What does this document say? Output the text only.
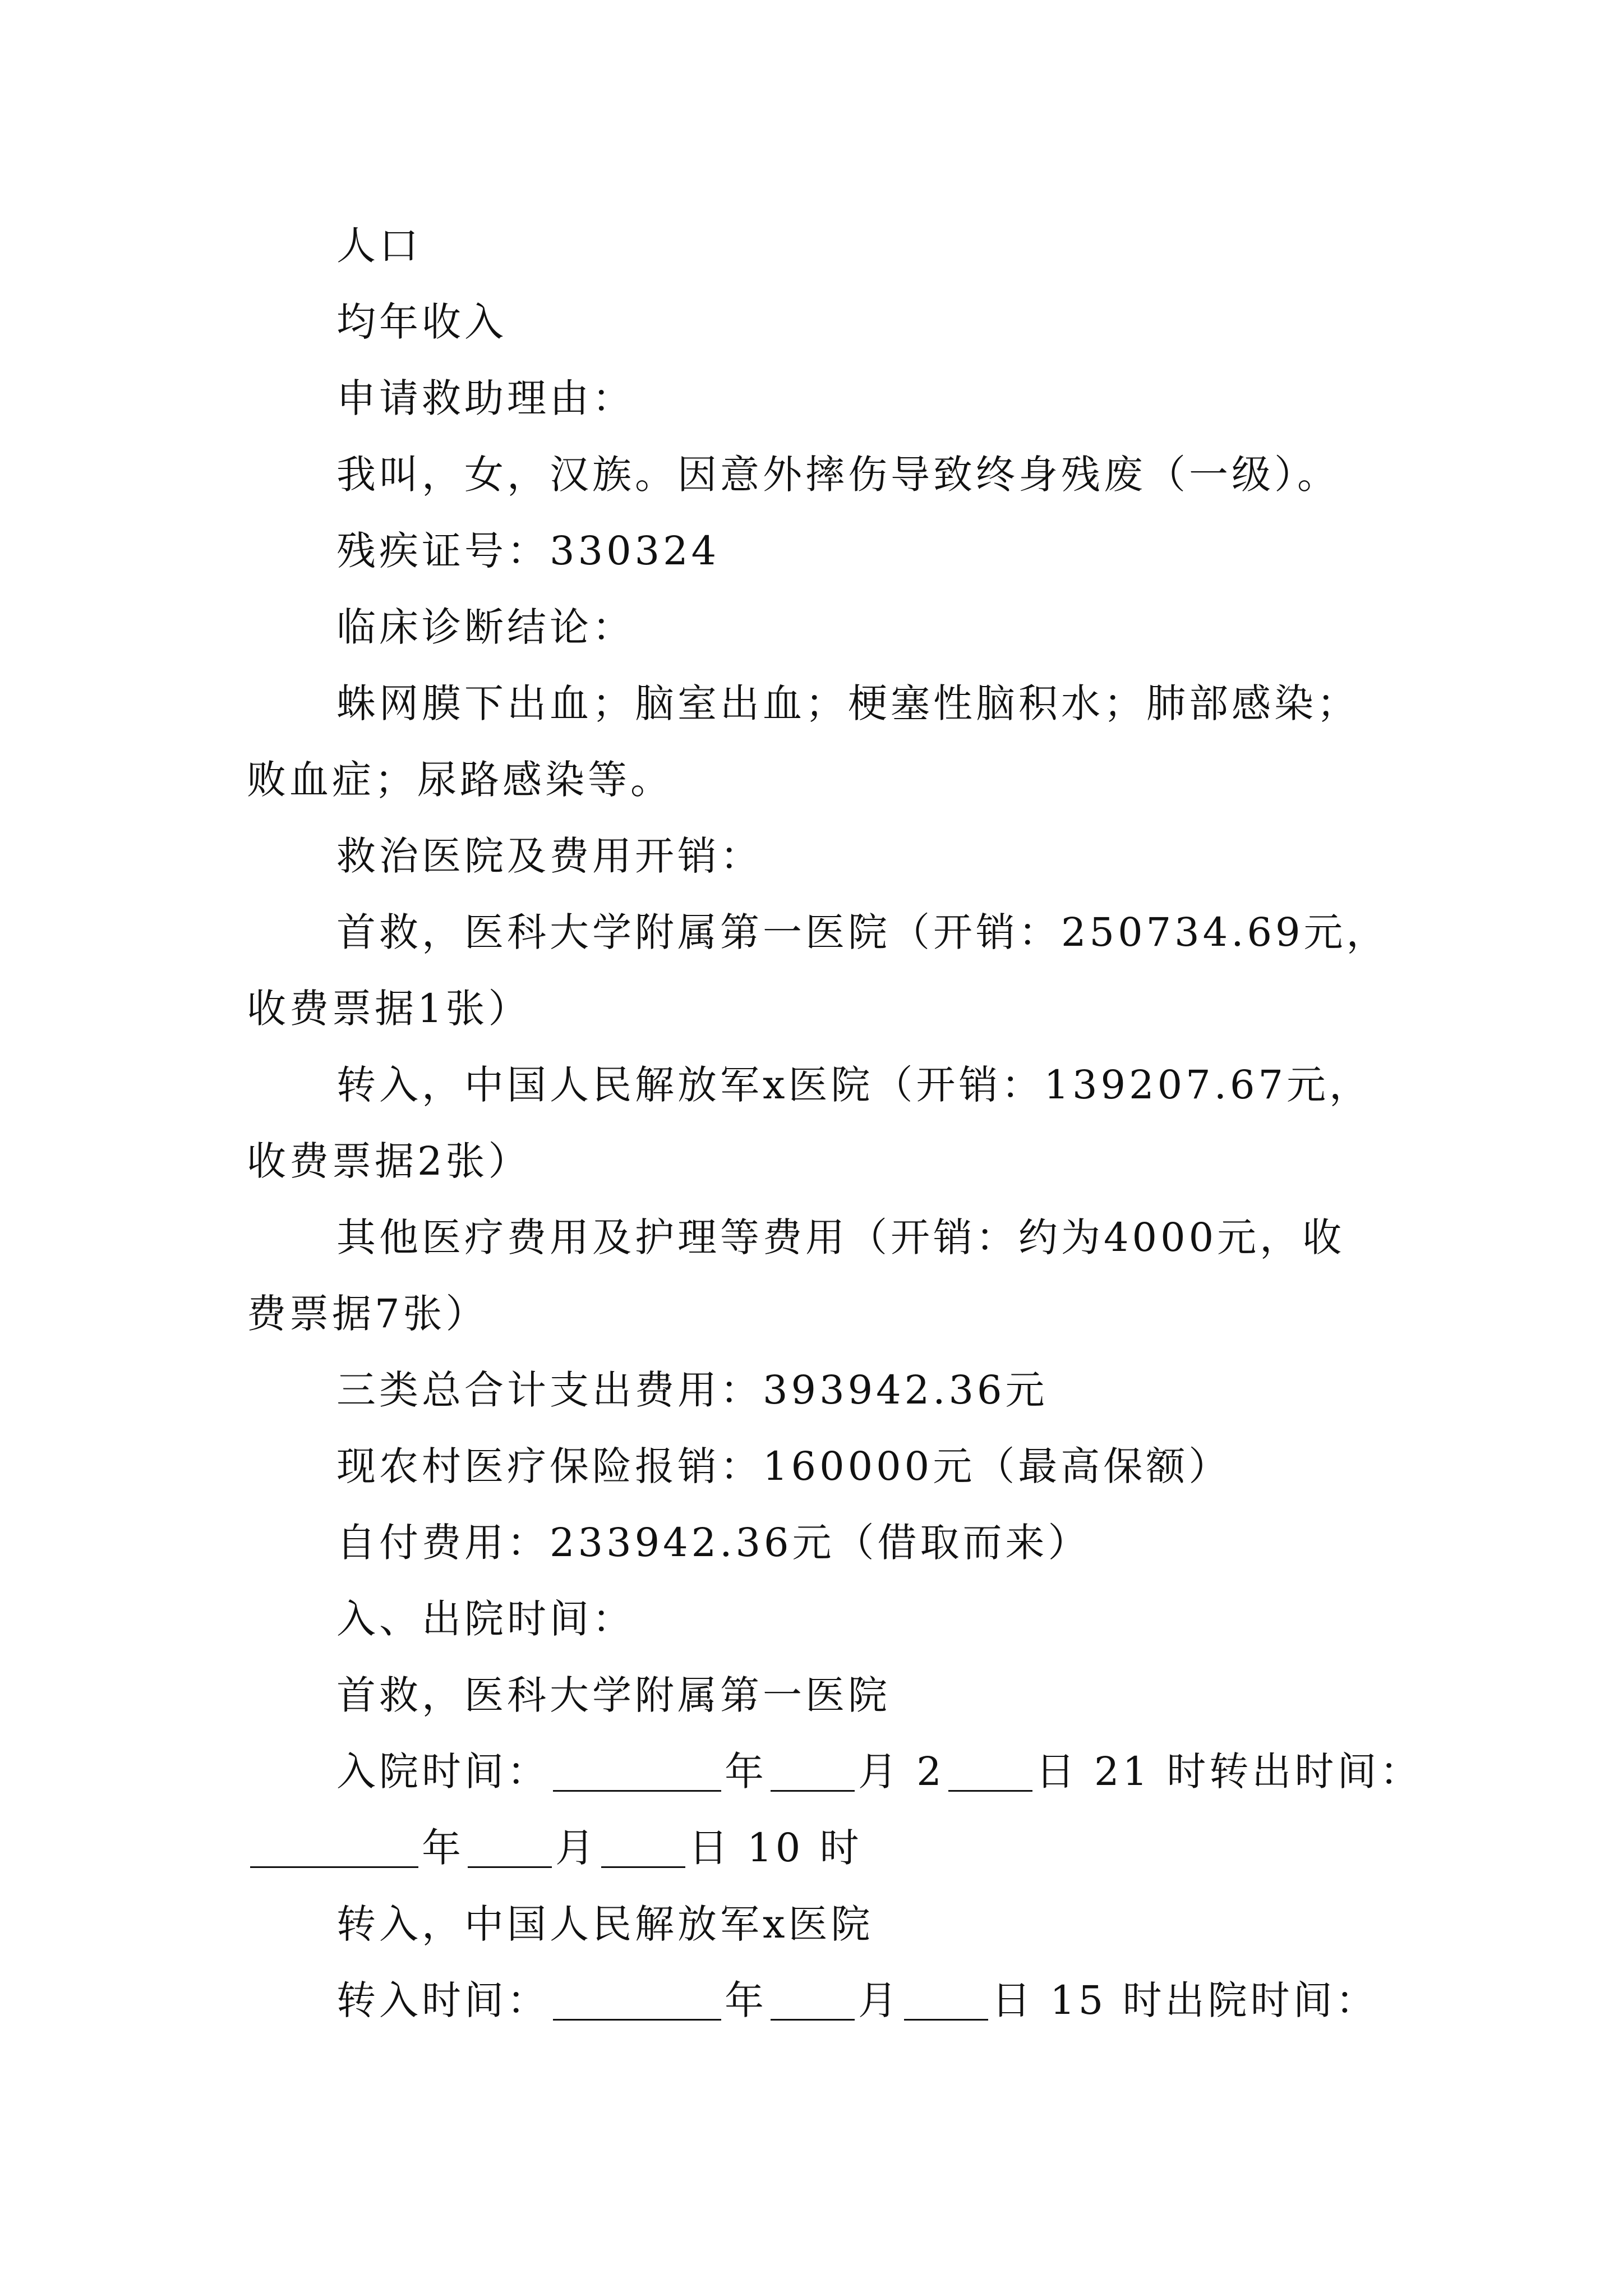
人口
均年收入
申请救助理由：
我叫，女，汉族。因意外摔伤导致终身残废（一级）。
残疾证号：330324
临床诊断结论：
蛛网膜下出血；脑室出血；梗塞性脑积水；肺部感染；
败血症；尿路感染等。
救治医院及费用开销：
首救，医科大学附属第一医院（开销：250734.69元，
收费票据1张）
转入，中国人民解放军x医院（开销：139207.67元，
收费票据2张）
其他医疗费用及护理等费用（开销：约为4000元，收
费票据7张）
三类总合计支出费用：393942.36元
现农村医疗保险报销：160000元（最高保额）
自付费用：233942.36元（借取而来）
入、出院时间：
首救，医科大学附属第一医院
入院时间：	年 月 2 日 21 时转出时间：
年 月 日 10 时
转入，中国人民解放军x医院
转入时间：	年 月 日 15 时出院时间：
